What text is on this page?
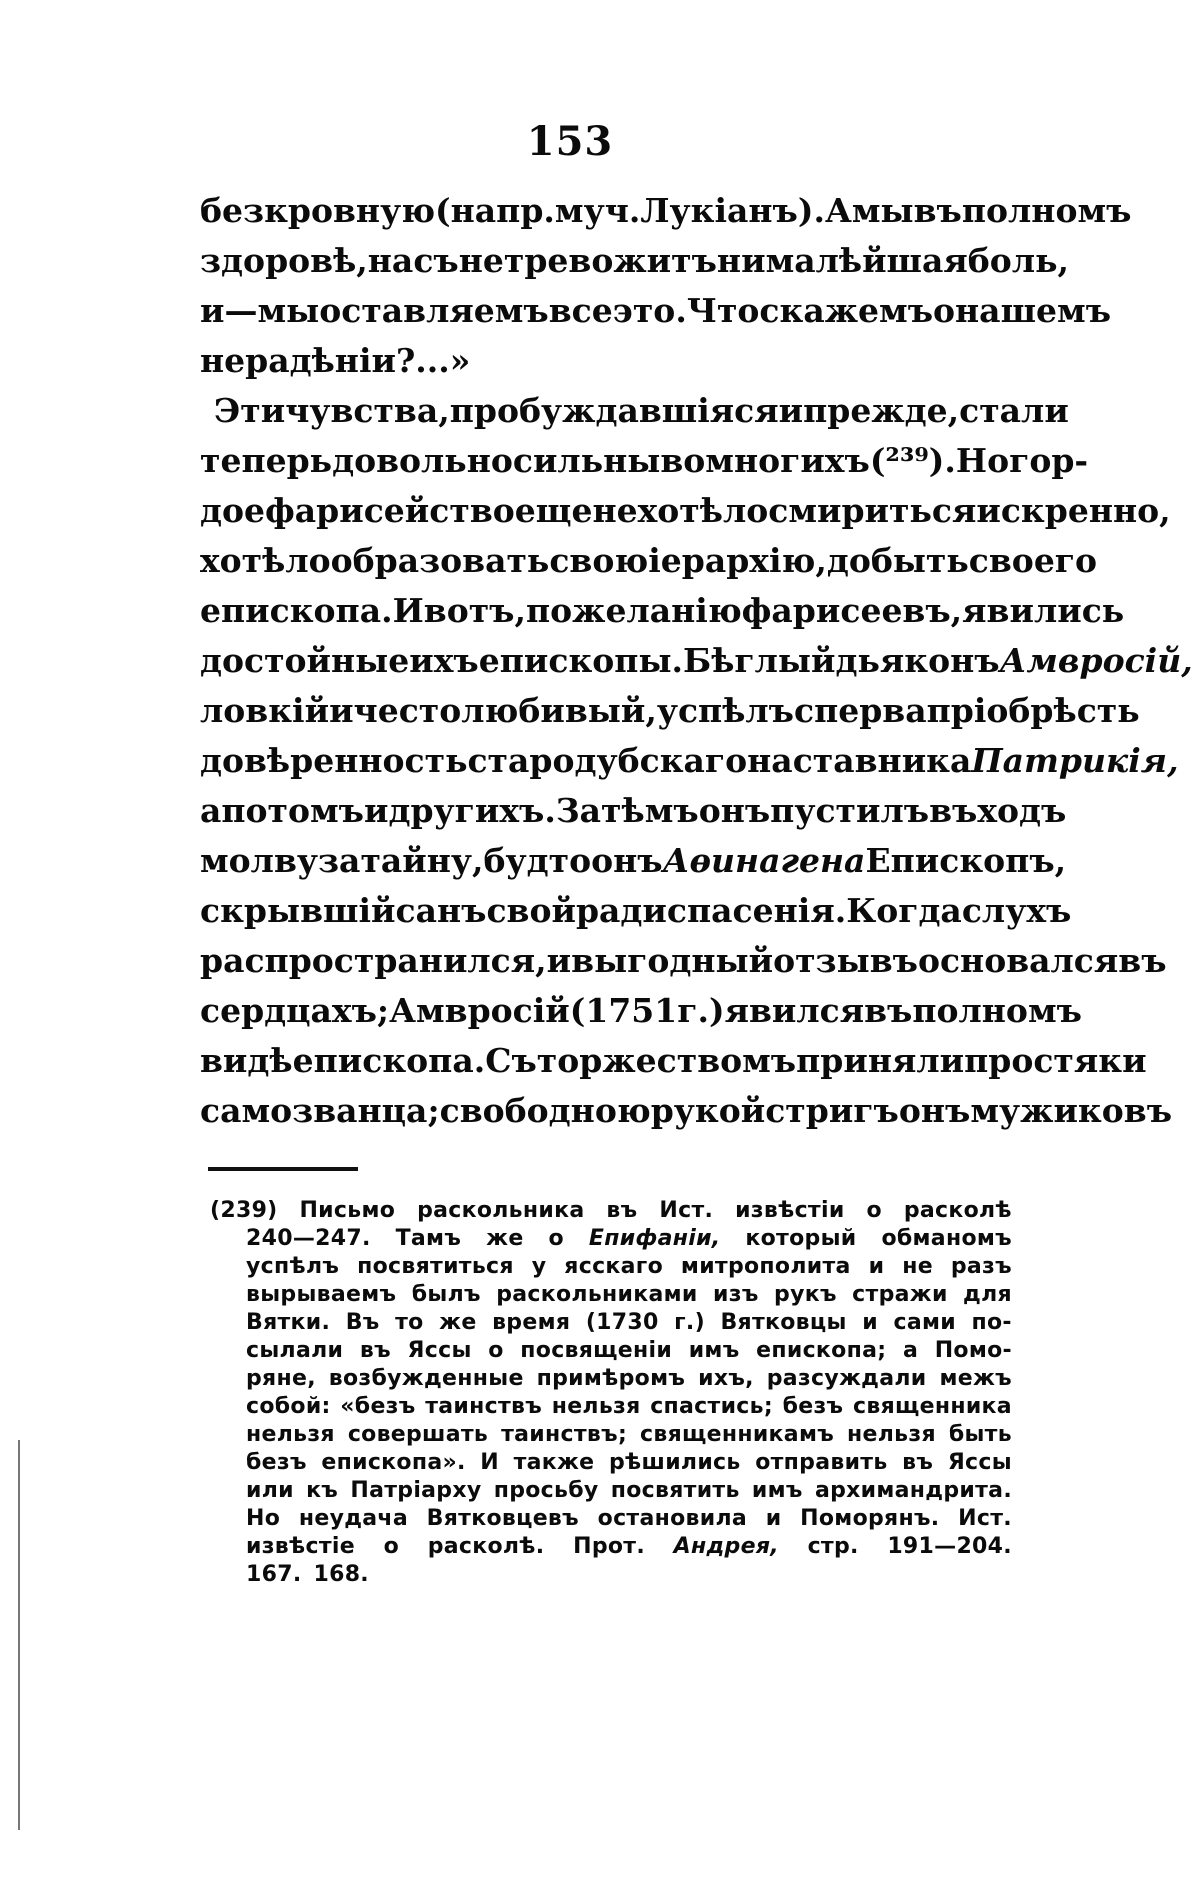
153
безкровную (напр. муч. Лукіанъ). А мы въ полномъ
здоровѣ, насъ не тревожитъ ни малѣйшая боль,
и—мы оставляемъ все это. Что скажемъ о нашемъ
нерадѣніи?...»
Эти чувства, пробуждавшіяся и прежде, стали
теперь довольно сильны во многихъ (²³⁹). Но гор-
дое фарисейство еще не хотѣло смириться искренно,
хотѣло образовать свою іерархію, добыть своего
епископа. И вотъ, по желанію фарисеевъ, явились
достойные ихъ епископы. Бѣглый дьяконъ Амвросій,
ловкій и честолюбивый, успѣлъ сперва пріобрѣсть
довѣренность стародубскаго наставника Патрикія,
а потомъ и другихъ. За тѣмъ онъ пустилъ въ ходъ
молву за тайну, будто онъ Аѳинагена Епископъ,
скрывшій санъ свой ради спасенія. Когда слухъ
распространился, и выгодный отзывъ основался въ
сердцахъ; Амвросій (1751 г.) явился въ полномъ
видѣ епископа. Съ торжествомъ приняли простяки
самозванца; свободною рукой стригъ онъ мужиковъ
(239) Письмо раскольника въ Ист. извѣстіи о расколѣ
240—247. Тамъ же о Епифаніи, который обманомъ
успѣлъ посвятиться у ясскаго митрополита и не разъ
вырываемъ былъ раскольниками изъ рукъ стражи для
Вятки. Въ то же время (1730 г.) Вятковцы и сами по-
сылали въ Яссы о посвященіи имъ епископа; а Помо-
ряне, возбужденные примѣромъ ихъ, разсуждали межъ
собой: «безъ таинствъ нельзя спастись; безъ священника
нельзя совершать таинствъ; священникамъ нельзя быть
безъ епископа». И также рѣшились отправить въ Яссы
или къ Патріарху просьбу посвятить имъ архимандрита.
Но неудача Вятковцевъ остановила и Поморянъ. Ист.
извѣстіе о расколѣ. Прот. Андрея, стр. 191—204.
167. 168.
